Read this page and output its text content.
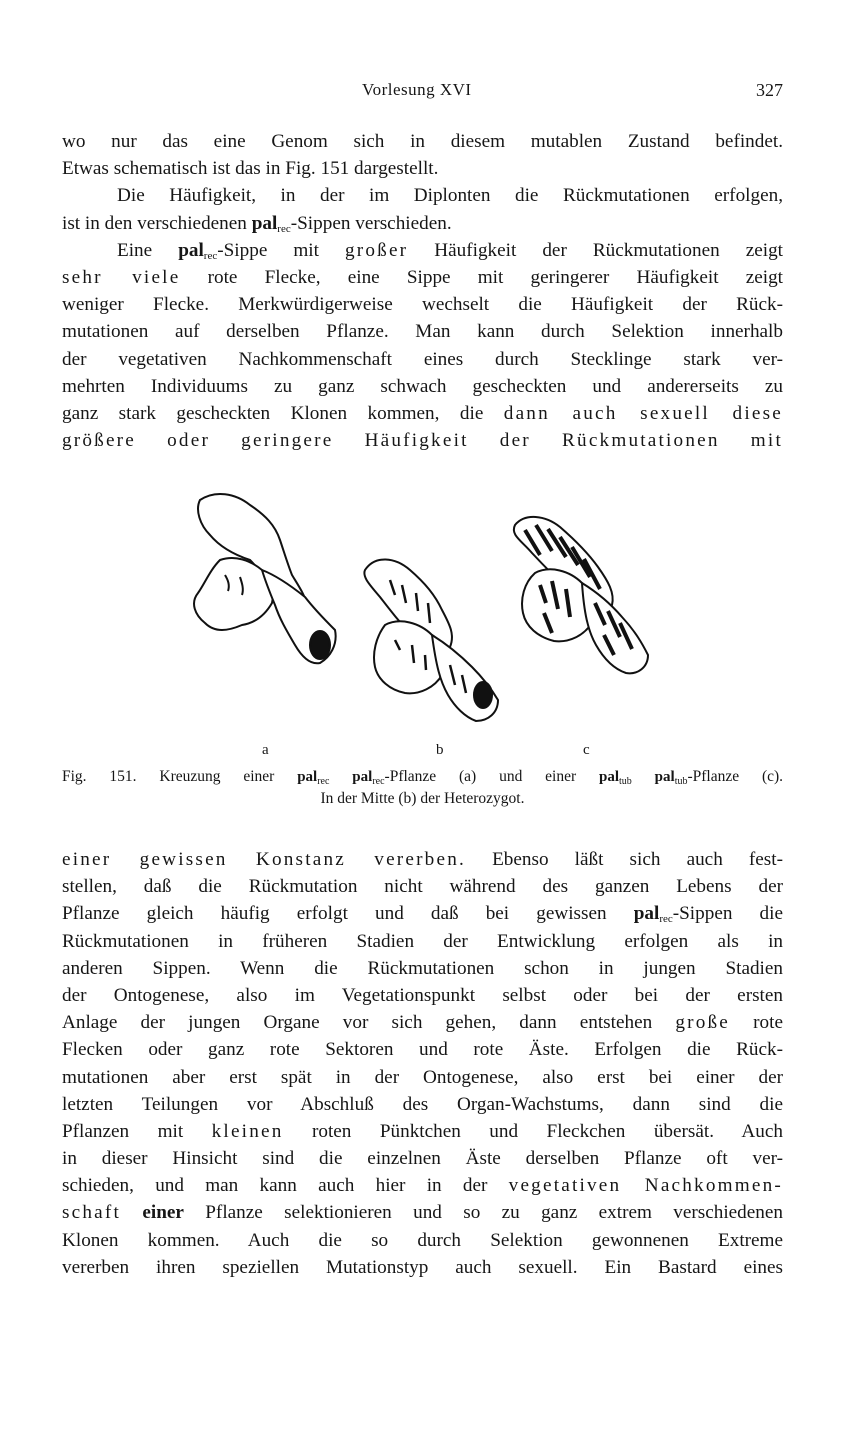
Vorlesung XVI	327
wo nur das eine Genom sich in diesem mutablen Zustand befindet.
Etwas schematisch ist das in Fig. 151 dargestellt.
Die Häufigkeit, in der im Diplonten die Rückmutationen erfolgen,
ist in den verschiedenen pal$_{rec}$-Sippen verschieden.
Eine pal$_{rec}$-Sippe mit großer Häufigkeit der Rückmutationen zeigt
sehr viele rote Flecke, eine Sippe mit geringerer Häufigkeit zeigt
weniger Flecke. Merkwürdigerweise wechselt die Häufigkeit der Rück-
mutationen auf derselben Pflanze. Man kann durch Selektion innerhalb
der vegetativen Nachkommenschaft eines durch Stecklinge stark ver-
mehrten Individuums zu ganz schwach gescheckten und andererseits zu
ganz stark gescheckten Klonen kommen, die dann auch sexuell diese
größere oder geringere Häufigkeit der Rückmutationen mit
a	b	c
Fig. 151. Kreuzung einer pal$_{rec}$ pal$_{rec}$-Pflanze (a) und einer pal$_{tub}$ pal$_{tub}$-Pflanze (c).
In der Mitte (b) der Heterozygot.
einer gewissen Konstanz vererben. Ebenso läßt sich auch fest-
stellen, daß die Rückmutation nicht während des ganzen Lebens der
Pflanze gleich häufig erfolgt und daß bei gewissen pal$_{rec}$-Sippen die
Rückmutationen in früheren Stadien der Entwicklung erfolgen als in
anderen Sippen. Wenn die Rückmutationen schon in jungen Stadien
der Ontogenese, also im Vegetationspunkt selbst oder bei der ersten
Anlage der jungen Organe vor sich gehen, dann entstehen große rote
Flecken oder ganz rote Sektoren und rote Äste. Erfolgen die Rück-
mutationen aber erst spät in der Ontogenese, also erst bei einer der
letzten Teilungen vor Abschluß des Organ-Wachstums, dann sind die
Pflanzen mit kleinen roten Pünktchen und Fleckchen übersät. Auch
in dieser Hinsicht sind die einzelnen Äste derselben Pflanze oft ver-
schieden, und man kann auch hier in der vegetativen Nachkommen-
schaft einer Pflanze selektionieren und so zu ganz extrem verschiedenen
Klonen kommen. Auch die so durch Selektion gewonnenen Extreme
vererben ihren speziellen Mutationstyp auch sexuell. Ein Bastard eines
